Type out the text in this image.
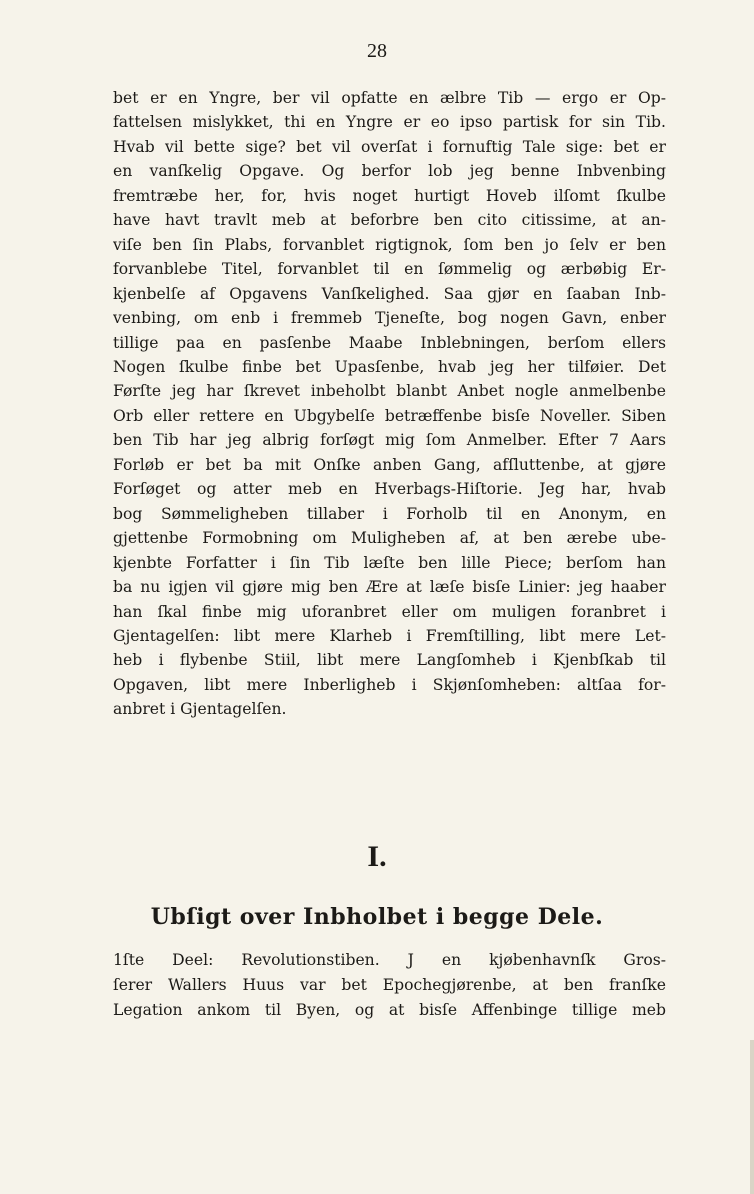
28
bet er en Yngre, ber vil opfatte en ælbre Tib — ergo er Op-
fattelsen mislykket, thi en Yngre er eo ipso partisk for sin Tib.
Hvab vil bette sige? bet vil overſat i fornuftig Tale sige: bet er
en vanſkelig Opgave. Og berfor lob jeg benne Inbvenbing
fremtræbe her, for, hvis noget hurtigt Hoveb ilſomt ſkulbe
have havt travlt meb at beforbre ben cito citissime, at an-
viſe ben ſin Plabs, forvanblet rigtignok, ſom ben jo ſelv er ben
forvanblebe Titel, forvanblet til en ſømmelig og ærbøbig Er-
kjenbelſe af Opgavens Vanſkelighed. Saa gjør en ſaaban Inb-
venbing, om enb i fremmeb Tjeneſte, bog nogen Gavn, enber
tillige paa en pasſenbe Maabe Inblebningen, berſom ellers
Nogen ſkulbe finbe bet Upasſenbe, hvab jeg her tilføier. Det
Førſte jeg har ſkrevet inbeholbt blanbt Anbet nogle anmelbenbe
Orb eller rettere en Ubgybelſe betræffenbe bisſe Noveller. Siben
ben Tib har jeg albrig forſøgt mig ſom Anmelber. Efter 7 Aars
Forløb er bet ba mit Onſke anben Gang, afſluttenbe, at gjøre
Forſøget og atter meb en Hverbags-Hiſtorie. Jeg har, hvab
bog Sømmeligheben tillaber i Forholb til en Anonym, en
gjettenbe Formobning om Muligheben af, at ben ærebe ube-
kjenbte Forfatter i ſin Tib læſte ben lille Piece; berſom han
ba nu igjen vil gjøre mig ben Ære at læſe bisſe Linier: jeg haaber
han ſkal finbe mig uforanbret eller om muligen foranbret i
Gjentagelſen: libt mere Klarheb i Fremſtilling, libt mere Let-
heb i flybenbe Stiil, libt mere Langſomheb i Kjenbſkab til
Opgaven, libt mere Inberligheb i Skjønſomheben: altſaa for-
anbret i Gjentagelſen.
I.
Ubſigt over Inbholbet i begge Dele.
1ſte Deel: Revolutionstiben. J en kjøbenhavnſk Gros-
ſerer Wallers Huus var bet Epochegjørenbe, at ben franſke
Legation ankom til Byen, og at bisſe Affenbinge tillige meb
